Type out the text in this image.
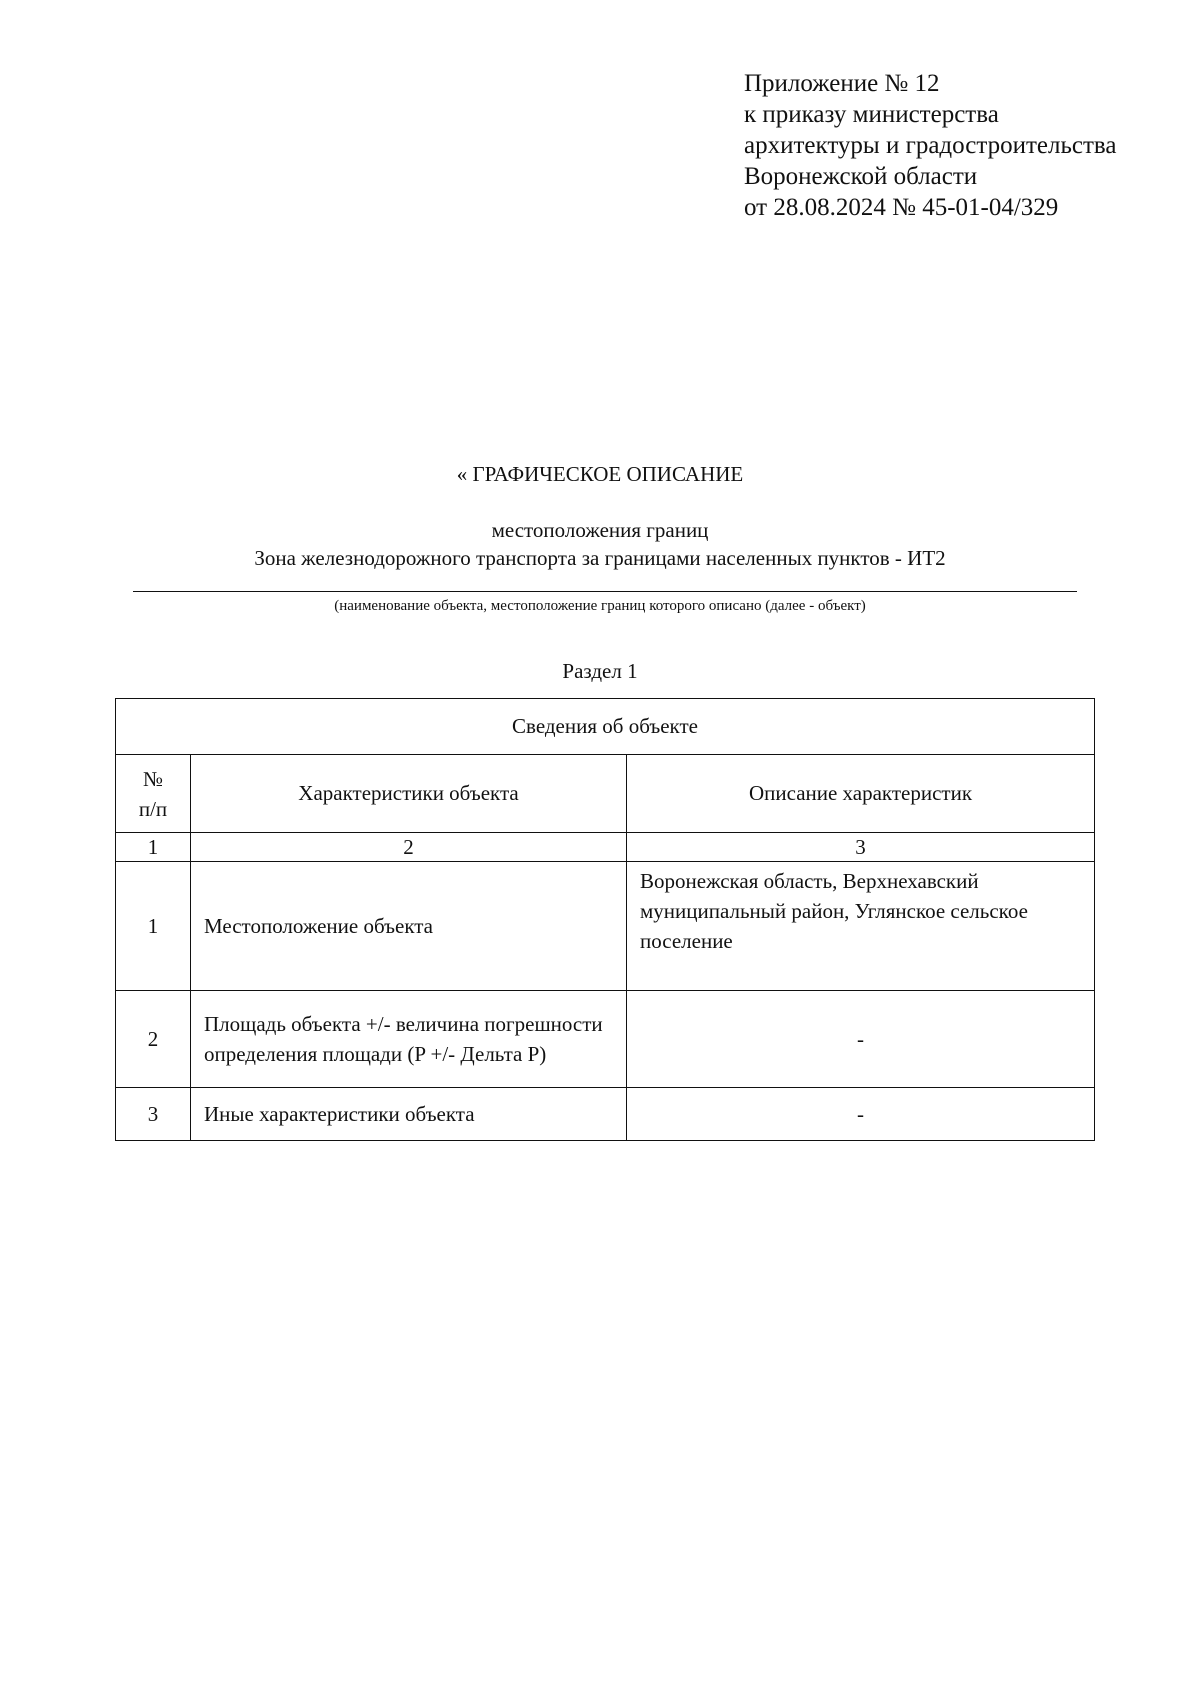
Приложение № 12
к приказу министерства
архитектуры и градостроительства
Воронежской области
от 28.08.2024 № 45-01-04/329
« ГРАФИЧЕСКОЕ ОПИСАНИЕ
местоположения границ
Зона железнодорожного транспорта за границами населенных пунктов - ИТ2
(наименование объекта, местоположение границ которого описано (далее - объект)
Раздел 1
Сведения об объекте		
№ п/п	Характеристики объекта	Описание характеристик
1	2	3
1	Местоположение объекта	Воронежская область, Верхнехавский муниципальный район, Углянское сельское поселение
2	Площадь объекта +/- величина погрешности определения площади (P +/- Дельта P)	-
3	Иные характеристики объекта	-
